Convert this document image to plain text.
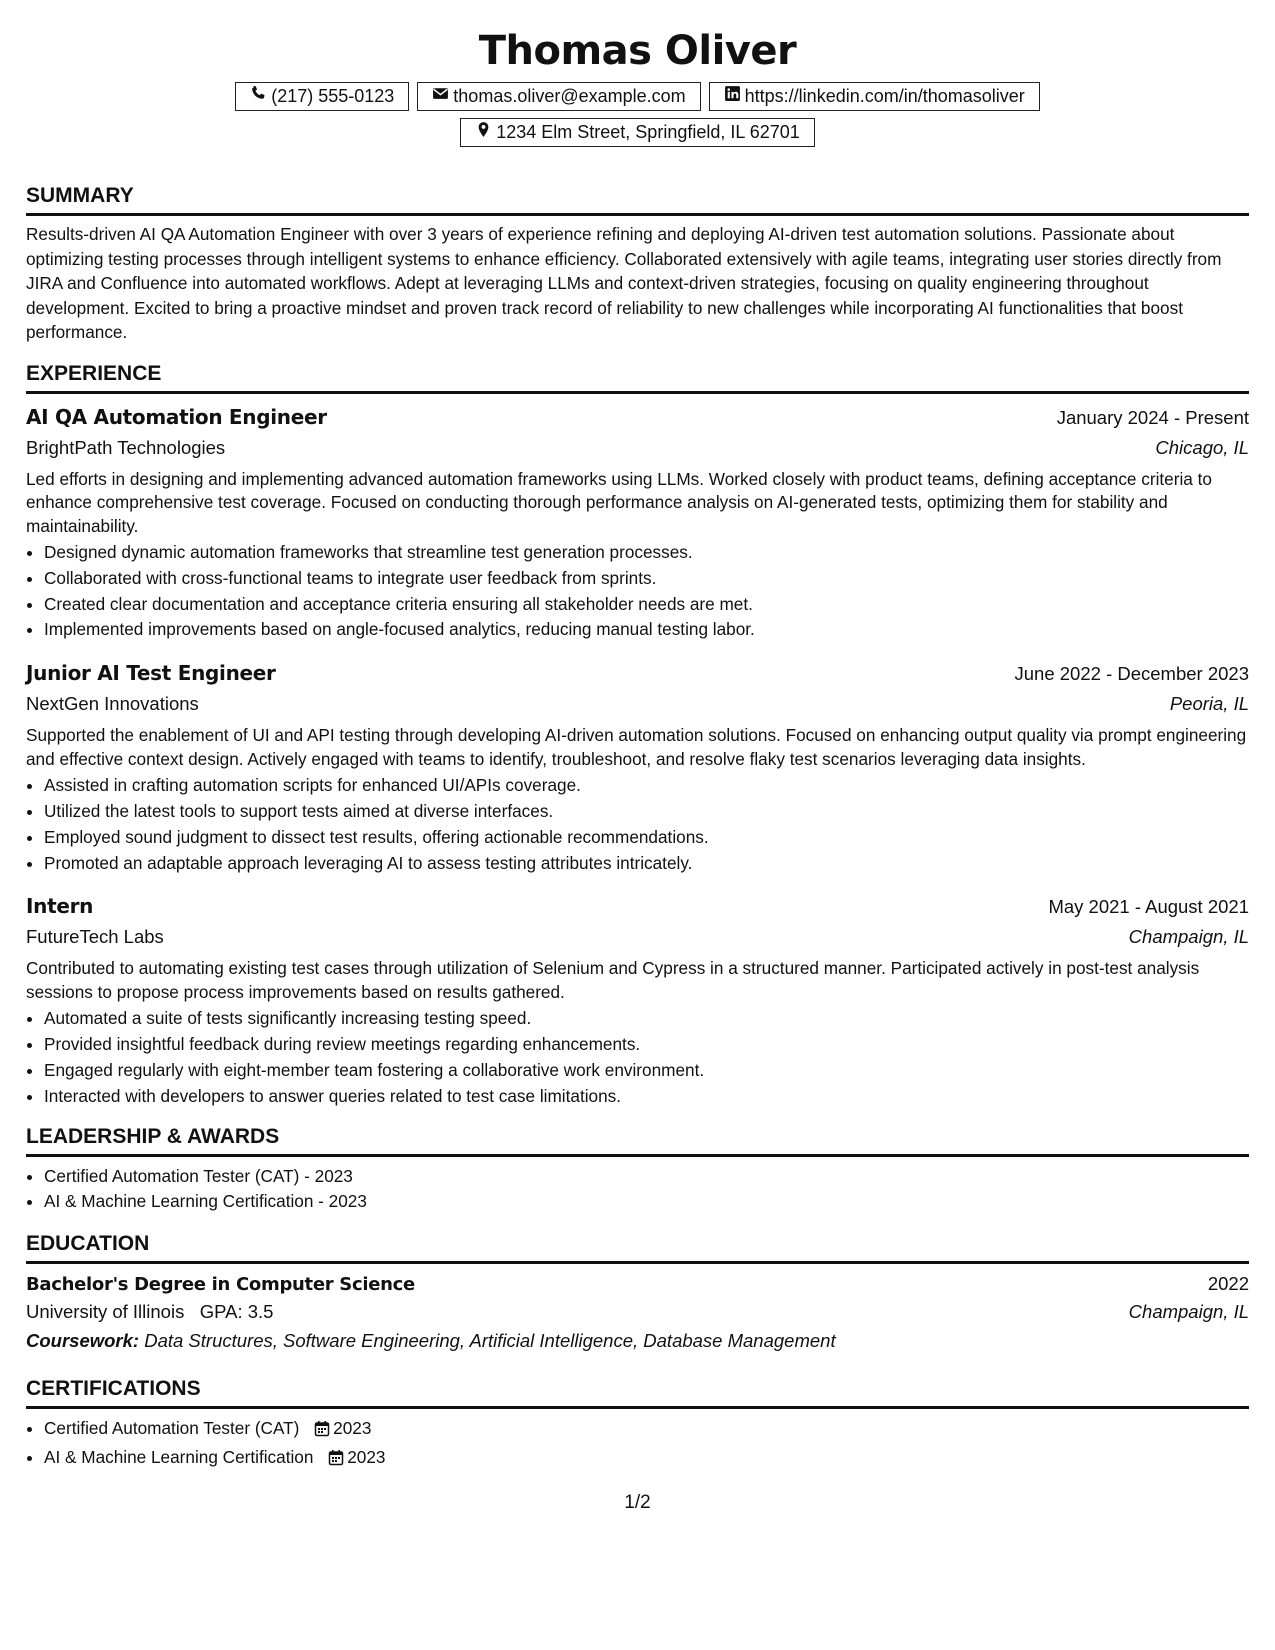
Thomas Oliver
(217) 555-0123	thomas.oliver@example.com	https://linkedin.com/in/thomasoliver
1234 Elm Street, Springfield, IL 62701
SUMMARY

Results-driven AI QA Automation Engineer with over 3 years of experience refining and deploying AI-driven test automation solutions. Passionate about optimizing testing processes through intelligent systems to enhance efficiency. Collaborated extensively with agile teams, integrating user stories directly from JIRA and Confluence into automated workflows. Adept at leveraging LLMs and context-driven strategies, focusing on quality engineering throughout development. Excited to bring a proactive mindset and proven track record of reliability to new challenges while incorporating AI functionalities that boost performance.

EXPERIENCE
AI QA Automation Engineer	January 2024 - Present
BrightPath Technologies	Chicago, IL

Led efforts in designing and implementing advanced automation frameworks using LLMs. Worked closely with product teams, defining acceptance criteria to enhance comprehensive test coverage. Focused on conducting thorough performance analysis on AI-generated tests, optimizing them for stability and maintainability.

• Designed dynamic automation frameworks that streamline test generation processes.
• Collaborated with cross-functional teams to integrate user feedback from sprints.
• Created clear documentation and acceptance criteria ensuring all stakeholder needs are met.
• Implemented improvements based on angle-focused analytics, reducing manual testing labor.
Junior AI Test Engineer	June 2022 - December 2023
NextGen Innovations	Peoria, IL

Supported the enablement of UI and API testing through developing AI-driven automation solutions. Focused on enhancing output quality via prompt engineering and effective context design. Actively engaged with teams to identify, troubleshoot, and resolve flaky test scenarios leveraging data insights.

• Assisted in crafting automation scripts for enhanced UI/APIs coverage.
• Utilized the latest tools to support tests aimed at diverse interfaces.
• Employed sound judgment to dissect test results, offering actionable recommendations.
• Promoted an adaptable approach leveraging AI to assess testing attributes intricately.
Intern	May 2021 - August 2021
FutureTech Labs	Champaign, IL

Contributed to automating existing test cases through utilization of Selenium and Cypress in a structured manner. Participated actively in post-test analysis sessions to propose process improvements based on results gathered.

• Automated a suite of tests significantly increasing testing speed.
• Provided insightful feedback during review meetings regarding enhancements.
• Engaged regularly with eight-member team fostering a collaborative work environment.
• Interacted with developers to answer queries related to test case limitations.
LEADERSHIP & AWARDS
• Certified Automation Tester (CAT) - 2023
• AI & Machine Learning Certification - 2023
EDUCATION
Bachelor's Degree in Computer Science	2022
University of Illinois GPA: 3.5	Champaign, IL
Coursework: Data Structures, Software Engineering, Artificial Intelligence, Database Management
CERTIFICATIONS
• Certified Automation Tester (CAT) 2023
• AI & Machine Learning Certification 2023
1/2
